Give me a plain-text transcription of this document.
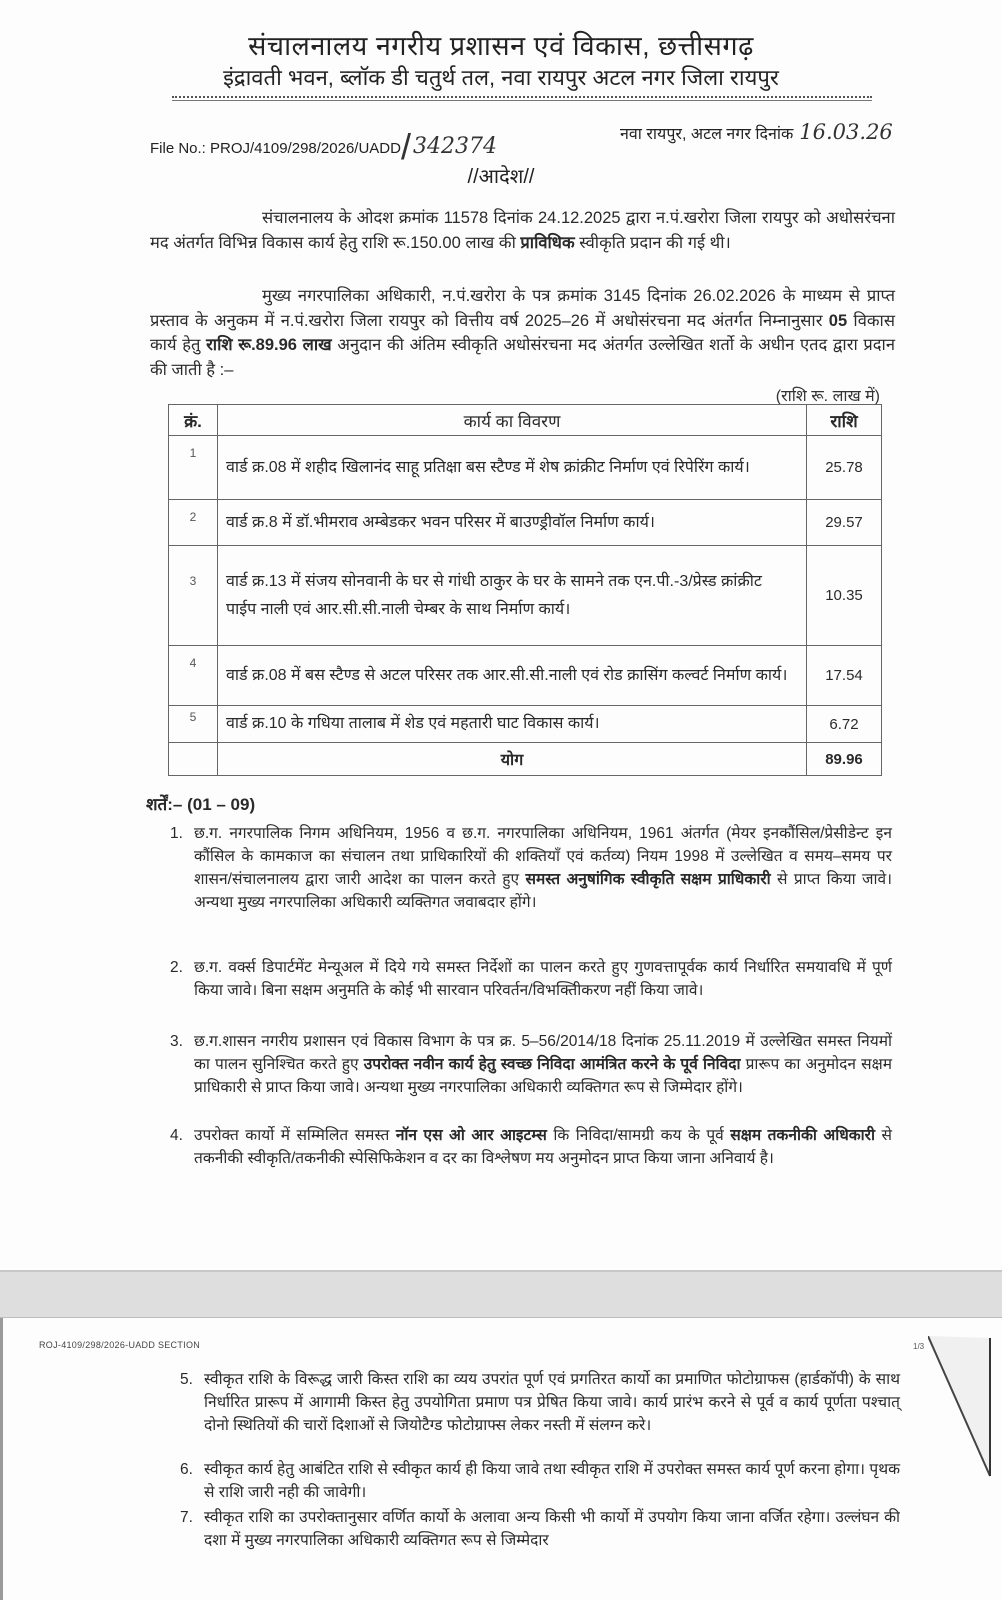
संचालनालय नगरीय प्रशासन एवं विकास, छत्तीसगढ़
इंद्रावती भवन, ब्लॉक डी चतुर्थ तल, नवा रायपुर अटल नगर जिला रायपुर
File No.: PROJ/4109/298/2026/UADD/342374	नवा रायपुर, अटल नगर दिनांक 16.03.26
//आदेश//
संचालनालय के ओदश क्रमांक 11578 दिनांक 24.12.2025 द्वारा न.पं.खरोरा जिला रायपुर को अधोसरंचना मद अंतर्गत विभिन्न विकास कार्य हेतु राशि रू.150.00 लाख की प्राविधिक स्वीकृति प्रदान की गई थी।
मुख्य नगरपालिका अधिकारी, न.पं.खरोरा के पत्र क्रमांक 3145 दिनांक 26.02.2026 के माध्यम से प्राप्त प्रस्ताव के अनुकम में न.पं.खरोरा जिला रायपुर को वित्तीय वर्ष 2025–26 में अधोसंरचना मद अंतर्गत निम्नानुसार 05 विकास कार्य हेतु राशि रू.89.96 लाख अनुदान की अंतिम स्वीकृति अधोसंरचना मद अंतर्गत उल्लेखित शर्तो के अधीन एतद द्वारा प्रदान की जाती है :–
(राशि रू. लाख में)
क्रं.	कार्य का विवरण	राशि
1	वार्ड क्र.08 में शहीद खिलानंद साहू प्रतिक्षा बस स्टैण्ड में शेष क्रांक्रीट निर्माण एवं रिपेरिंग कार्य।	25.78
2	वार्ड क्र.8 में डॉ.भीमराव अम्बेडकर भवन परिसर में बाउण्ड्रीवॉल निर्माण कार्य।	29.57
3	वार्ड क्र.13 में संजय सोनवानी के घर से गांधी ठाकुर के घर के सामने तक एन.पी.-3/प्रेस्ड क्रांक्रीट पाईप नाली एवं आर.सी.सी.नाली चेम्बर के साथ निर्माण कार्य।	10.35
4	वार्ड क्र.08 में बस स्टैण्ड से अटल परिसर तक आर.सी.सी.नाली एवं रोड क्रासिंग कल्वर्ट निर्माण कार्य।	17.54
5	वार्ड क्र.10 के गधिया तालाब में शेड एवं महतारी घाट विकास कार्य।	6.72
	योग	89.96
शर्तें:– (01 – 09)
1. छ.ग. नगरपालिक निगम अधिनियम, 1956 व छ.ग. नगरपालिका अधिनियम, 1961 अंतर्गत (मेयर इनकौंसिल/प्रेसीडेन्ट इन कौंसिल के कामकाज का संचालन तथा प्राधिकारियों की शक्तियाँ एवं कर्तव्य) नियम 1998 में उल्लेखित व समय–समय पर शासन/संचालनालय द्वारा जारी आदेश का पालन करते हुए समस्त अनुषांगिक स्वीकृति सक्षम प्राधिकारी से प्राप्त किया जावे। अन्यथा मुख्य नगरपालिका अधिकारी व्यक्तिगत जवाबदार होंगे।
2. छ.ग. वर्क्स डिपार्टमेंट मेन्यूअल में दिये गये समस्त निर्देशों का पालन करते हुए गुणवत्तापूर्वक कार्य निर्धारित समयावधि में पूर्ण किया जावे। बिना सक्षम अनुमति के कोई भी सारवान परिवर्तन/विभक्तिीकरण नहीं किया जावे।
3. छ.ग.शासन नगरीय प्रशासन एवं विकास विभाग के पत्र क्र. 5–56/2014/18 दिनांक 25.11.2019 में उल्लेखित समस्त नियमों का पालन सुनिश्चित करते हुए उपरोक्त नवीन कार्य हेतु स्वच्छ निविदा आमंत्रित करने के पूर्व निविदा प्रारूप का अनुमोदन सक्षम प्राधिकारी से प्राप्त किया जावे। अन्यथा मुख्य नगरपालिका अधिकारी व्यक्तिगत रूप से जिम्मेदार होंगे।
4. उपरोक्त कार्यो में सम्मिलित समस्त नॉन एस ओ आर आइटम्स कि निविदा/सामग्री कय के पूर्व सक्षम तकनीकी अधिकारी से तकनीकी स्वीकृति/तकनीकी स्पेसिफिकेशन व दर का विश्लेषण मय अनुमोदन प्राप्त किया जाना अनिवार्य है।
ROJ-4109/298/2026-UADD SECTION	1/3
5. स्वीकृत राशि के विरूद्ध जारी किस्त राशि का व्यय उपरांत पूर्ण एवं प्रगतिरत कार्यो का प्रमाणित फोटोग्राफस (हार्डकॉपी) के साथ निर्धारित प्रारूप में आगामी किस्त हेतु उपयोगिता प्रमाण पत्र प्रेषित किया जावे। कार्य प्रारंभ करने से पूर्व व कार्य पूर्णता पश्चात् दोनो स्थितियों की चारों दिशाओं से जियोटैग्ड फोटोग्राफ्स लेकर नस्ती में संलग्न करे।
6. स्वीकृत कार्य हेतु आबंटित राशि से स्वीकृत कार्य ही किया जावे तथा स्वीकृत राशि में उपरोक्त समस्त कार्य पूर्ण करना होगा। पृथक से राशि जारी नही की जावेगी।
7. स्वीकृत राशि का उपरोक्तानुसार वर्णित कार्यो के अलावा अन्य किसी भी कार्यो में उपयोग किया जाना वर्जित रहेगा। उल्लंघन की दशा में मुख्य नगरपालिका अधिकारी व्यक्तिगत रूप से जिम्मेदार
